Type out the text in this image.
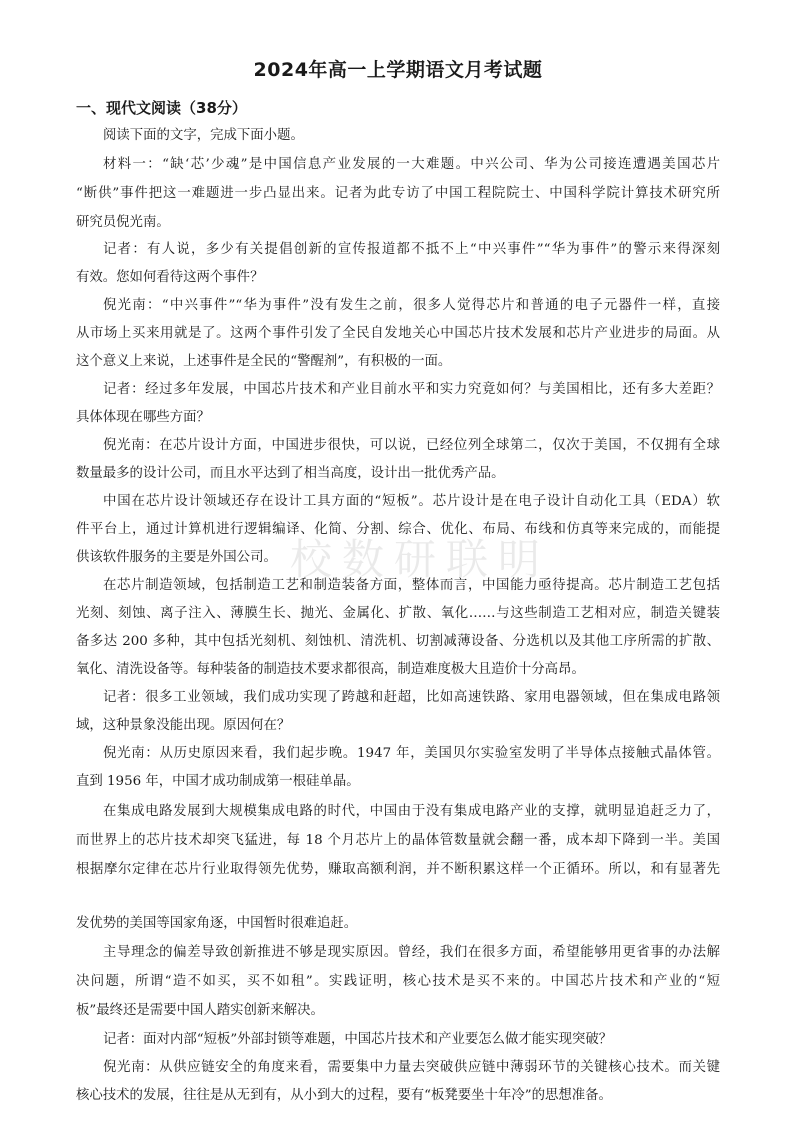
2024年高一上学期语文月考试题
一、现代文阅读（38分）
校数研联明
阅读下面的文字，完成下面小题。
材料一：“缺‘芯’少魂”是中国信息产业发展的一大难题。中兴公司、华为公司接连遭遇美国芯片
“断供”事件把这一难题进一步凸显出来。记者为此专访了中国工程院院士、中国科学院计算技术研究所
研究员倪光南。
记者：有人说，多少有关提倡创新的宣传报道都不抵不上“中兴事件”“华为事件”的警示来得深刻
有效。您如何看待这两个事件？
倪光南：“中兴事件”“华为事件”没有发生之前，很多人觉得芯片和普通的电子元器件一样，直接
从市场上买来用就是了。这两个事件引发了全民自发地关心中国芯片技术发展和芯片产业进步的局面。从
这个意义上来说，上述事件是全民的“警醒剂”，有积极的一面。
记者：经过多年发展，中国芯片技术和产业目前水平和实力究竟如何？与美国相比，还有多大差距？
具体体现在哪些方面？
倪光南：在芯片设计方面，中国进步很快，可以说，已经位列全球第二，仅次于美国，不仅拥有全球
数量最多的设计公司，而且水平达到了相当高度，设计出一批优秀产品。
中国在芯片设计领域还存在设计工具方面的“短板”。芯片设计是在电子设计自动化工具（EDA）软
件平台上，通过计算机进行逻辑编译、化简、分割、综合、优化、布局、布线和仿真等来完成的，而能提
供该软件服务的主要是外国公司。
在芯片制造领域，包括制造工艺和制造装备方面，整体而言，中国能力亟待提高。芯片制造工艺包括
光刻、刻蚀、离子注入、薄膜生长、抛光、金属化、扩散、氧化……与这些制造工艺相对应，制造关键装
备多达 200 多种，其中包括光刻机、刻蚀机、清洗机、切割减薄设备、分选机以及其他工序所需的扩散、
氧化、清洗设备等。每种装备的制造技术要求都很高，制造难度极大且造价十分高昂。
记者：很多工业领域，我们成功实现了跨越和赶超，比如高速铁路、家用电器领域，但在集成电路领
域，这种景象没能出现。原因何在？
倪光南：从历史原因来看，我们起步晚。1947 年，美国贝尔实验室发明了半导体点接触式晶体管。
直到 1956 年，中国才成功制成第一根硅单晶。
在集成电路发展到大规模集成电路的时代，中国由于没有集成电路产业的支撑，就明显追赶乏力了，
而世界上的芯片技术却突飞猛进，每 18 个月芯片上的晶体管数量就会翻一番，成本却下降到一半。美国
根据摩尔定律在芯片行业取得领先优势，赚取高额利润，并不断积累这样一个正循环。所以，和有显著先
发优势的美国等国家角逐，中国暂时很难追赶。
主导理念的偏差导致创新推进不够是现实原因。曾经，我们在很多方面，希望能够用更省事的办法解
决问题，所谓“造不如买，买不如租”。实践证明，核心技术是买不来的。中国芯片技术和产业的“短
板”最终还是需要中国人踏实创新来解决。
记者：面对内部“短板”外部封锁等难题，中国芯片技术和产业要怎么做才能实现突破？
倪光南：从供应链安全的角度来看，需要集中力量去突破供应链中薄弱环节的关键核心技术。而关键
核心技术的发展，往往是从无到有，从小到大的过程，要有“板凳要坐十年冷”的思想准备。
